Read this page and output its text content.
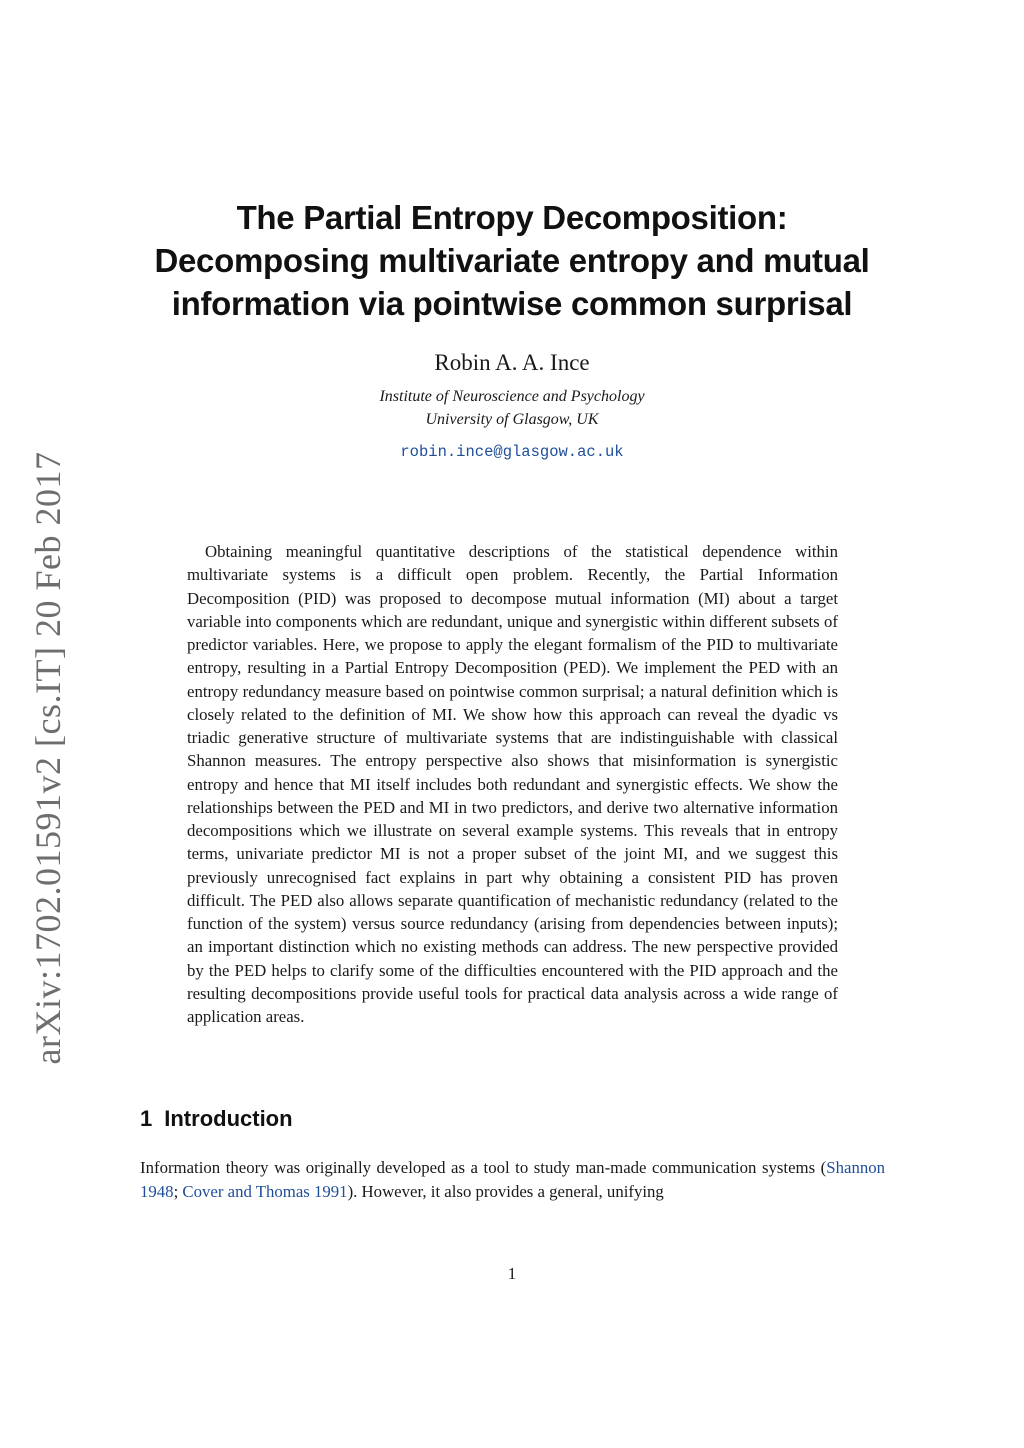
arXiv:1702.01591v2 [cs.IT] 20 Feb 2017
The Partial Entropy Decomposition:
Decomposing multivariate entropy and mutual
information via pointwise common surprisal
Robin A. A. Ince
Institute of Neuroscience and Psychology
University of Glasgow, UK
robin.ince@glasgow.ac.uk

Obtaining meaningful quantitative descriptions of the statistical dependence within multivariate systems is a difficult open problem. Recently, the Partial Information Decomposition (PID) was proposed to decompose mutual information (MI) about a target variable into components which are redundant, unique and synergistic within different subsets of predictor variables. Here, we propose to apply the elegant formalism of the PID to multivariate entropy, resulting in a Partial Entropy Decomposition (PED). We implement the PED with an entropy redundancy measure based on pointwise common surprisal; a natural definition which is closely related to the definition of MI. We show how this approach can reveal the dyadic vs triadic generative structure of multivariate systems that are indistinguishable with classical Shannon measures. The entropy perspective also shows that misinformation is synergistic entropy and hence that MI itself includes both redundant and synergistic effects. We show the relationships between the PED and MI in two predictors, and derive two alternative information decompositions which we illustrate on several example systems. This reveals that in entropy terms, univariate predictor MI is not a proper subset of the joint MI, and we suggest this previously unrecognised fact explains in part why obtaining a consistent PID has proven difficult. The PED also allows separate quantification of mechanistic redundancy (related to the function of the system) versus source redundancy (arising from dependencies between inputs); an important distinction which no existing methods can address. The new perspective provided by the PED helps to clarify some of the difficulties encountered with the PID approach and the resulting decompositions provide useful tools for practical data analysis across a wide range of application areas.

1 Introduction

Information theory was originally developed as a tool to study man-made communication systems (Shannon 1948; Cover and Thomas 1991). However, it also provides a general, unifying

1
